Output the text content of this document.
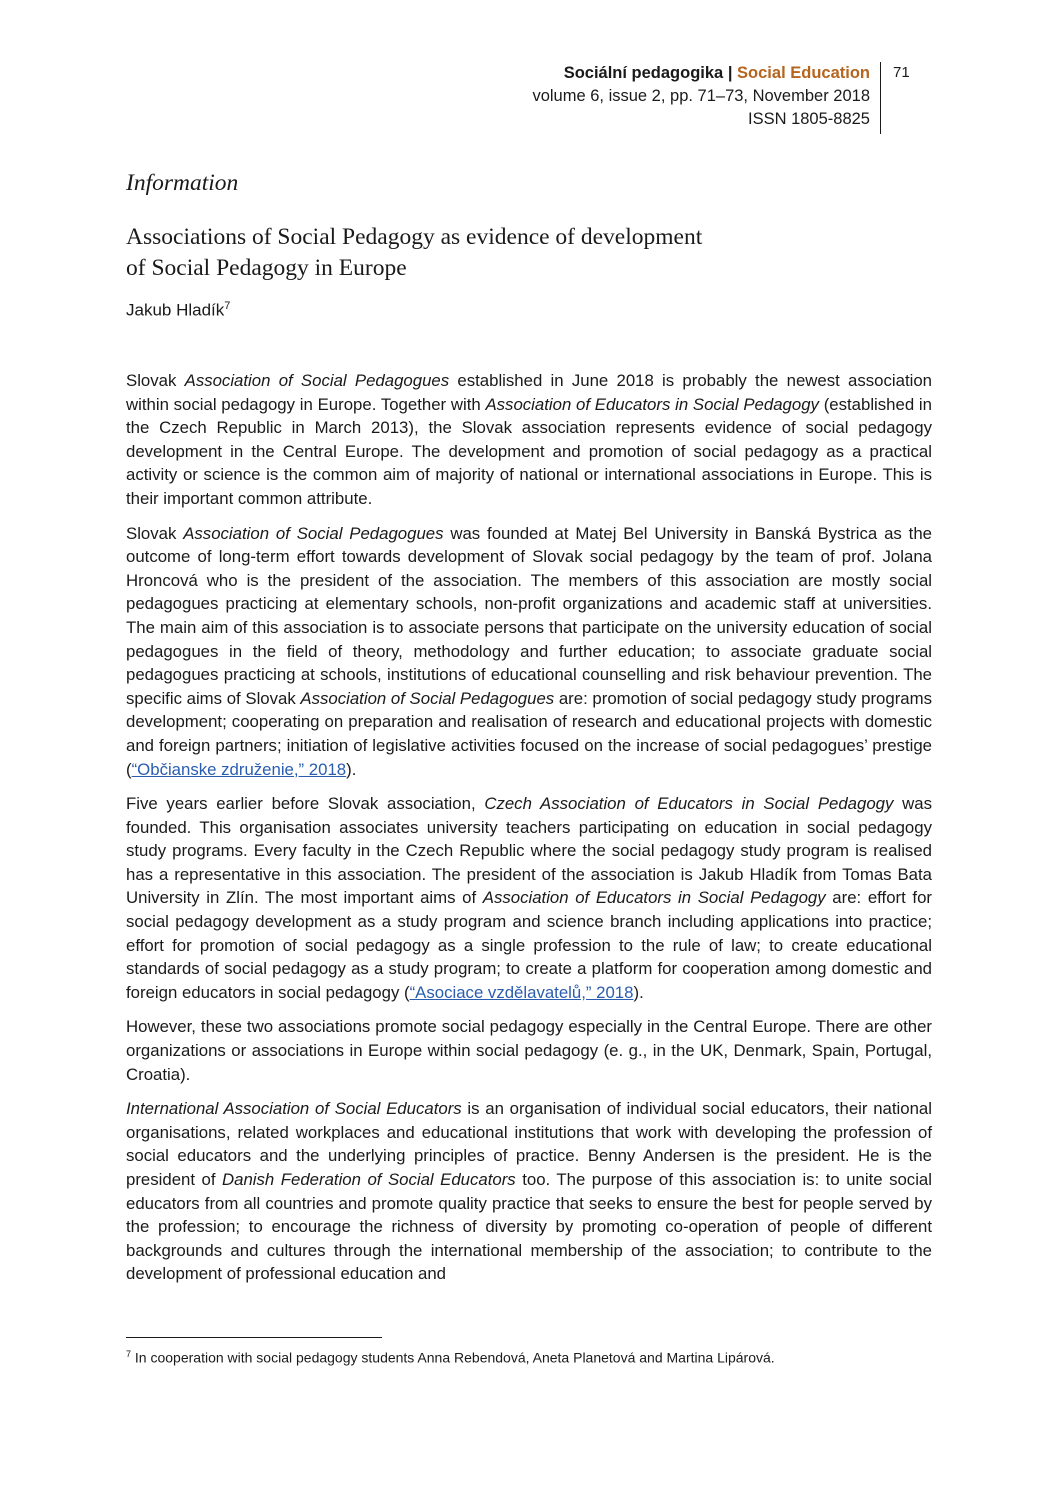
Sociální pedagogika | Social Education
volume 6, issue 2, pp. 71–73, November 2018
ISSN 1805-8825
71
Information
Associations of Social Pedagogy as evidence of development
of Social Pedagogy in Europe
Jakub Hladík$^7$

Slovak Association of Social Pedagogues established in June 2018 is probably the newest association within social pedagogy in Europe. Together with Association of Educators in Social Pedagogy (established in the Czech Republic in March 2013), the Slovak association represents evidence of social pedagogy development in the Central Europe. The development and promotion of social pedagogy as a practical activity or science is the common aim of majority of national or international associations in Europe. This is their important common attribute.

Slovak Association of Social Pedagogues was founded at Matej Bel University in Banská Bystrica as the outcome of long-term effort towards development of Slovak social pedagogy by the team of prof. Jolana Hroncová who is the president of the association. The members of this association are mostly social pedagogues practicing at elementary schools, non-profit organizations and academic staff at universities. The main aim of this association is to associate persons that participate on the university education of social pedagogues in the field of theory, methodology and further education; to associate graduate social pedagogues practicing at schools, institutions of educational counselling and risk behaviour prevention. The specific aims of Slovak Association of Social Pedagogues are: promotion of social pedagogy study programs development; cooperating on preparation and realisation of research and educational projects with domestic and foreign partners; initiation of legislative activities focused on the increase of social pedagogues’ prestige (“Občianske združenie,” 2018).

Five years earlier before Slovak association, Czech Association of Educators in Social Pedagogy was founded. This organisation associates university teachers participating on education in social pedagogy study programs. Every faculty in the Czech Republic where the social pedagogy study program is realised has a representative in this association. The president of the association is Jakub Hladík from Tomas Bata University in Zlín. The most important aims of Association of Educators in Social Pedagogy are: effort for social pedagogy development as a study program and science branch including applications into practice; effort for promotion of social pedagogy as a single profession to the rule of law; to create educational standards of social pedagogy as a study program; to create a platform for cooperation among domestic and foreign educators in social pedagogy (“Asociace vzdělavatelů,” 2018).

However, these two associations promote social pedagogy especially in the Central Europe. There are other organizations or associations in Europe within social pedagogy (e. g., in the UK, Denmark, Spain, Portugal, Croatia).

International Association of Social Educators is an organisation of individual social educators, their national organisations, related workplaces and educational institutions that work with developing the profession of social educators and the underlying principles of practice. Benny Andersen is the president. He is the president of Danish Federation of Social Educators too. The purpose of this association is: to unite social educators from all countries and promote quality practice that seeks to ensure the best for people served by the profession; to encourage the richness of diversity by promoting co-operation of people of different backgrounds and cultures through the international membership of the association; to contribute to the development of professional education and

$^7$ In cooperation with social pedagogy students Anna Rebendová, Aneta Planetová and Martina Lipárová.
